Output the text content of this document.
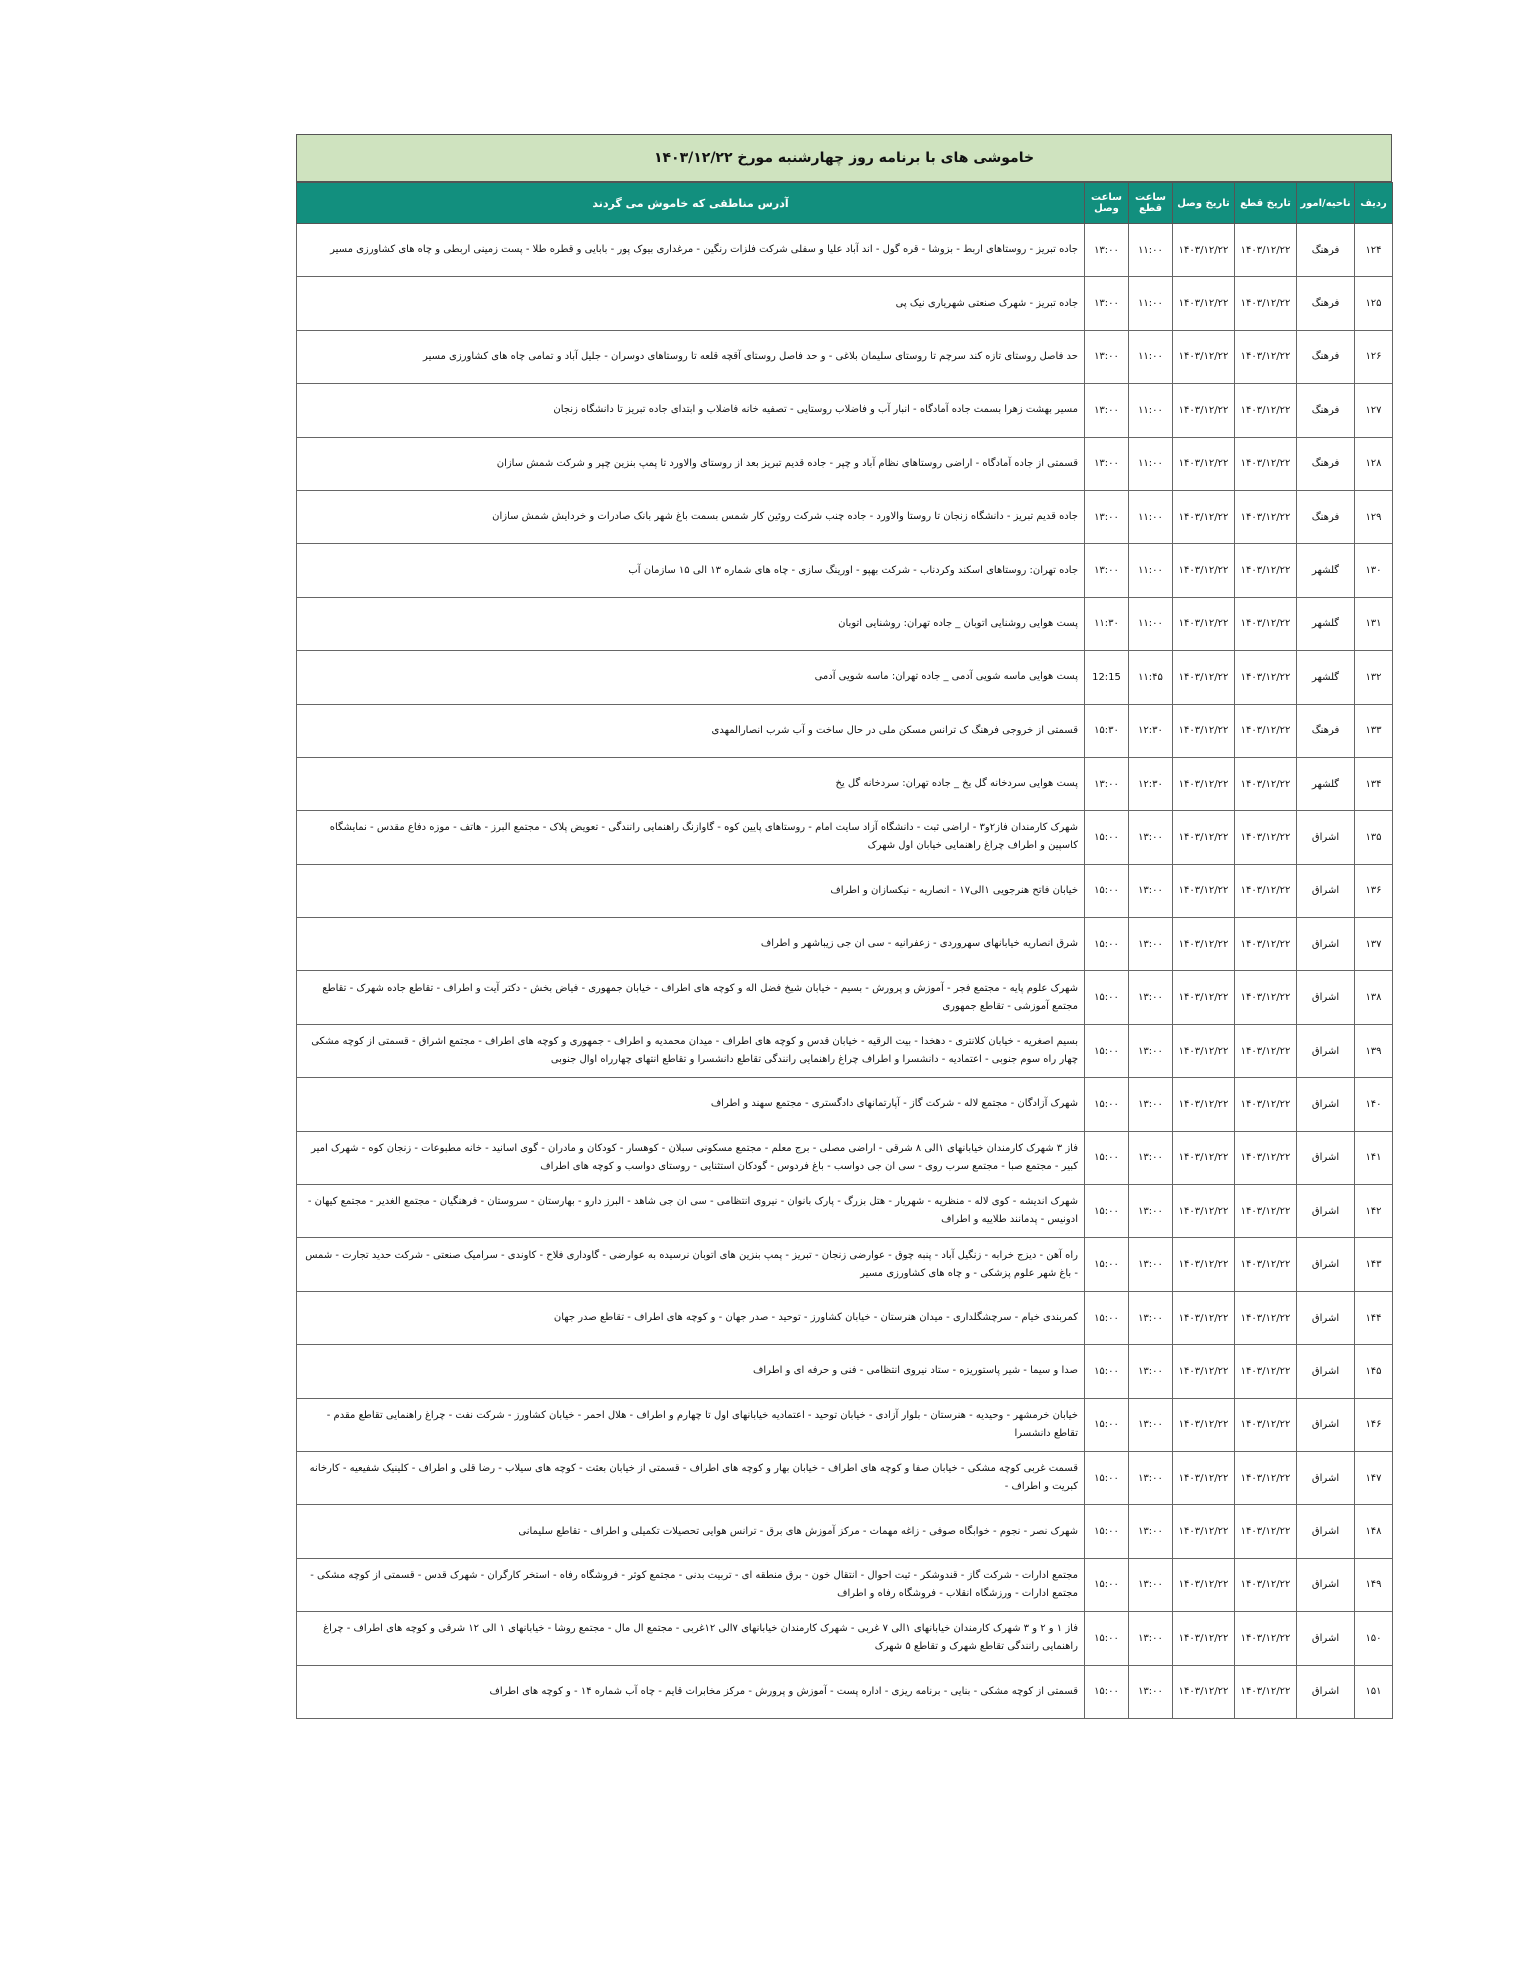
خاموشی های با برنامه روز چهارشنبه مورخ ۱۴۰۳/۱۲/۲۲
ردیف	ناحیه/امور	تاریخ قطع	تاریخ وصل	ساعت قطع	ساعت وصل	آدرس مناطقی که خاموش می گردند
۱۲۴	فرهنگ	۱۴۰۳/۱۲/۲۲	۱۴۰۳/۱۲/۲۲	۱۱:۰۰	۱۳:۰۰	جاده تبریز - روستاهای اربط - بزوشا - قره گول - اند آباد علیا و سفلی شرکت فلزات رنگین - مرغداری بیوک پور - بابایی و قطره طلا - پست زمینی اربطی و چاه های کشاورزی مسیر
۱۲۵	فرهنگ	۱۴۰۳/۱۲/۲۲	۱۴۰۳/۱۲/۲۲	۱۱:۰۰	۱۳:۰۰	جاده تبریز - شهرک صنعتی شهریاری نیک پی
۱۲۶	فرهنگ	۱۴۰۳/۱۲/۲۲	۱۴۰۳/۱۲/۲۲	۱۱:۰۰	۱۳:۰۰	حد فاصل روستای تازه کند سرچم تا روستای سلیمان بلاغی - و حد فاصل روستای آقچه قلعه تا روستاهای دوسران - جلیل آباد و تمامی چاه های کشاورزی مسیر
۱۲۷	فرهنگ	۱۴۰۳/۱۲/۲۲	۱۴۰۳/۱۲/۲۲	۱۱:۰۰	۱۳:۰۰	مسیر بهشت زهرا بسمت جاده آمادگاه - انبار آب و فاضلاب روستایی - تصفیه خانه فاضلاب و ابتدای جاده تبریز تا دانشگاه زنجان
۱۲۸	فرهنگ	۱۴۰۳/۱۲/۲۲	۱۴۰۳/۱۲/۲۲	۱۱:۰۰	۱۳:۰۰	قسمتی از جاده آمادگاه - اراضی روستاهای نظام آباد و چپر - جاده قدیم تبریز بعد از روستای والاورد تا پمپ بنزین چپر و شرکت شمش سازان
۱۲۹	فرهنگ	۱۴۰۳/۱۲/۲۲	۱۴۰۳/۱۲/۲۲	۱۱:۰۰	۱۳:۰۰	جاده قدیم تبریز - دانشگاه زنجان تا روستا والاورد - جاده چنب شرکت روئین کار شمس بسمت باغ شهر بانک صادرات و خردایش شمش سازان
۱۳۰	گلشهر	۱۴۰۳/۱۲/۲۲	۱۴۰۳/۱۲/۲۲	۱۱:۰۰	۱۳:۰۰	جاده تهران: روستاهای اسکند وکردناب - شرکت بهپو - اورینگ سازی - چاه های شماره ۱۳ الی ۱۵ سازمان آب
۱۳۱	گلشهر	۱۴۰۳/۱۲/۲۲	۱۴۰۳/۱۲/۲۲	۱۱:۰۰	۱۱:۳۰	پست هوایی روشنایی اتوبان _ جاده تهران: روشنایی اتوبان
۱۳۲	گلشهر	۱۴۰۳/۱۲/۲۲	۱۴۰۳/۱۲/۲۲	۱۱:۴۵	12:15	پست هوایی ماسه شویی آدمی _ جاده تهران: ماسه شویی آدمی
۱۳۳	فرهنگ	۱۴۰۳/۱۲/۲۲	۱۴۰۳/۱۲/۲۲	۱۲:۳۰	۱۵:۳۰	قسمتی از خروجی فرهنگ ک ترانس مسکن ملی در حال ساخت و آب شرب انصارالمهدی
۱۳۴	گلشهر	۱۴۰۳/۱۲/۲۲	۱۴۰۳/۱۲/۲۲	۱۲:۳۰	۱۳:۰۰	پست هوایی سردخانه گل یخ _ جاده تهران: سردخانه گل یخ
۱۳۵	اشراق	۱۴۰۳/۱۲/۲۲	۱۴۰۳/۱۲/۲۲	۱۳:۰۰	۱۵:۰۰	شهرک کارمندان فاز۲و۳ - اراضی ثبت - دانشگاه آزاد سایت امام - روستاهای پایین کوه - گاوازنگ راهنمایی رانندگی - تعویض پلاک - مجتمع البرز - هاتف - موزه دفاع مقدس - نمایشگاه کاسپین و اطراف چراغ راهنمایی خیابان اول شهرک
۱۳۶	اشراق	۱۴۰۳/۱۲/۲۲	۱۴۰۳/۱۲/۲۲	۱۳:۰۰	۱۵:۰۰	خیابان فاتح هنرجویی ۱الی۱۷ - انصاریه - نیکسازان و اطراف
۱۳۷	اشراق	۱۴۰۳/۱۲/۲۲	۱۴۰۳/۱۲/۲۲	۱۳:۰۰	۱۵:۰۰	شرق انصاریه خیابانهای سهروردی - زعفرانیه - سی ان جی زیباشهر و اطراف
۱۳۸	اشراق	۱۴۰۳/۱۲/۲۲	۱۴۰۳/۱۲/۲۲	۱۳:۰۰	۱۵:۰۰	شهرک علوم پایه - مجتمع فجر - آموزش و پرورش - بسیم - خیابان شیخ فضل اله و کوچه های اطراف - خیابان جمهوری - فیاض بخش - دکتر آیت و اطراف - تقاطع جاده شهرک - تقاطع مجتمع آموزشی - تقاطع جمهوری
۱۳۹	اشراق	۱۴۰۳/۱۲/۲۲	۱۴۰۳/۱۲/۲۲	۱۳:۰۰	۱۵:۰۰	بسیم اصغریه - خیابان کلانتری - دهخدا - بیت الرقیه - خیابان قدس و کوچه های اطراف - میدان محمدیه و اطراف - جمهوری و کوچه های اطراف - مجتمع اشراق - قسمتی از کوچه مشکی چهار راه سوم جنوبی - اعتمادیه - دانشسرا و اطراف چراغ راهنمایی رانندگی تقاطع دانشسرا و تقاطع انتهای چهارراه اوال جنوبی
۱۴۰	اشراق	۱۴۰۳/۱۲/۲۲	۱۴۰۳/۱۲/۲۲	۱۳:۰۰	۱۵:۰۰	شهرک آزادگان - مجتمع لاله - شرکت گاز - آپارتمانهای دادگستری - مجتمع سهند و اطراف
۱۴۱	اشراق	۱۴۰۳/۱۲/۲۲	۱۴۰۳/۱۲/۲۲	۱۳:۰۰	۱۵:۰۰	فاز ۳ شهرک کارمندان خیابانهای ۱الی ۸ شرقی - اراضی مصلی - برج معلم - مجتمع مسکونی سبلان - کوهسار - کودکان و مادران - گوی اسانید - خانه مطبوعات - زنجان کوه - شهرک امیر کبیر - مجتمع صبا - مجتمع سرب روی - سی ان جی دواسب - باغ فردوس - گودکان استثنایی - روستای دواسب و کوچه های اطراف
۱۴۲	اشراق	۱۴۰۳/۱۲/۲۲	۱۴۰۳/۱۲/۲۲	۱۳:۰۰	۱۵:۰۰	شهرک اندیشه - کوی لاله - منظریه - شهریار - هتل بزرگ - پارک بانوان - نیروی انتظامی - سی ان جی شاهد - البرز دارو - بهارستان - سروستان - فرهنگیان - مجتمع الغدیر - مجتمع کیهان - ادونیس - پدمانند طلاییه و اطراف
۱۴۳	اشراق	۱۴۰۳/۱۲/۲۲	۱۴۰۳/۱۲/۲۲	۱۳:۰۰	۱۵:۰۰	راه آهن - دیزج خرابه - زنگیل آباد - پنبه چوق - عوارضی زنجان - تبریز - پمپ بنزین های اتوبان نرسیده به عوارضی - گاوداری فلاح - کاوندی - سرامیک صنعتی - شرکت حدید تجارت - شمس - باغ شهر علوم پزشکی - و چاه های کشاورزی مسیر
۱۴۴	اشراق	۱۴۰۳/۱۲/۲۲	۱۴۰۳/۱۲/۲۲	۱۳:۰۰	۱۵:۰۰	کمربندی خیام - سرچشگلداری - میدان هنرستان - خیابان کشاورز - توحید - صدر جهان - و کوچه های اطراف - تقاطع صدر جهان
۱۴۵	اشراق	۱۴۰۳/۱۲/۲۲	۱۴۰۳/۱۲/۲۲	۱۳:۰۰	۱۵:۰۰	صدا و سیما - شیر پاستوریزه - ستاد نیروی انتظامی - فنی و حرفه ای و اطراف
۱۴۶	اشراق	۱۴۰۳/۱۲/۲۲	۱۴۰۳/۱۲/۲۲	۱۳:۰۰	۱۵:۰۰	خیابان خرمشهر - وحیدیه - هنرستان - بلوار آزادی - خیابان توحید - اعتمادیه خیابانهای اول تا چهارم و اطراف - هلال احمر - خیابان کشاورز - شرکت نفت - چراغ راهنمایی تقاطع مقدم - تقاطع دانشسرا
۱۴۷	اشراق	۱۴۰۳/۱۲/۲۲	۱۴۰۳/۱۲/۲۲	۱۳:۰۰	۱۵:۰۰	قسمت غربی کوچه مشکی - خیابان صفا و کوچه های اطراف - خیابان بهار و کوچه های اطراف - قسمتی از خیابان بعثت - کوچه های سیلاب - رضا قلی و اطراف - کلینیک شفیعیه - کارخانه کبریت و اطراف -
۱۴۸	اشراق	۱۴۰۳/۱۲/۲۲	۱۴۰۳/۱۲/۲۲	۱۳:۰۰	۱۵:۰۰	شهرک نصر - نجوم - خوابگاه صوفی - زاغه مهمات - مرکز آموزش های برق - ترانس هوایی تحصیلات تکمیلی و اطراف - تقاطع سلیمانی
۱۴۹	اشراق	۱۴۰۳/۱۲/۲۲	۱۴۰۳/۱۲/۲۲	۱۳:۰۰	۱۵:۰۰	مجتمع ادارات - شرکت گاز - قندوشکر - ثبت احوال - انتقال خون - برق منطقه ای - تربیت بدنی - مجتمع کوثر - فروشگاه رفاه - استخر کارگران - شهرک قدس - قسمتی از کوچه مشکی - مجتمع ادارات - ورزشگاه انقلاب - فروشگاه رفاه و اطراف
۱۵۰	اشراق	۱۴۰۳/۱۲/۲۲	۱۴۰۳/۱۲/۲۲	۱۳:۰۰	۱۵:۰۰	فاز ۱ و ۲ و ۳ شهرک کارمندان خیابانهای ۱الی ۷ غربی - شهرک کارمندان خیابانهای ۷الی ۱۲غربی - مجتمع ال مال - مجتمع روشا - خیابانهای ۱ الی ۱۲ شرقی و کوچه های اطراف - چراغ راهنمایی رانندگی تقاطع شهرک و تقاطع ۵ شهرک
۱۵۱	اشراق	۱۴۰۳/۱۲/۲۲	۱۴۰۳/۱۲/۲۲	۱۳:۰۰	۱۵:۰۰	قسمتی از کوچه مشکی - بنایی - برنامه ریزی - اداره پست - آموزش و پرورش - مرکز مخابرات قایم - چاه آب شماره ۱۴ - و کوچه های اطراف
